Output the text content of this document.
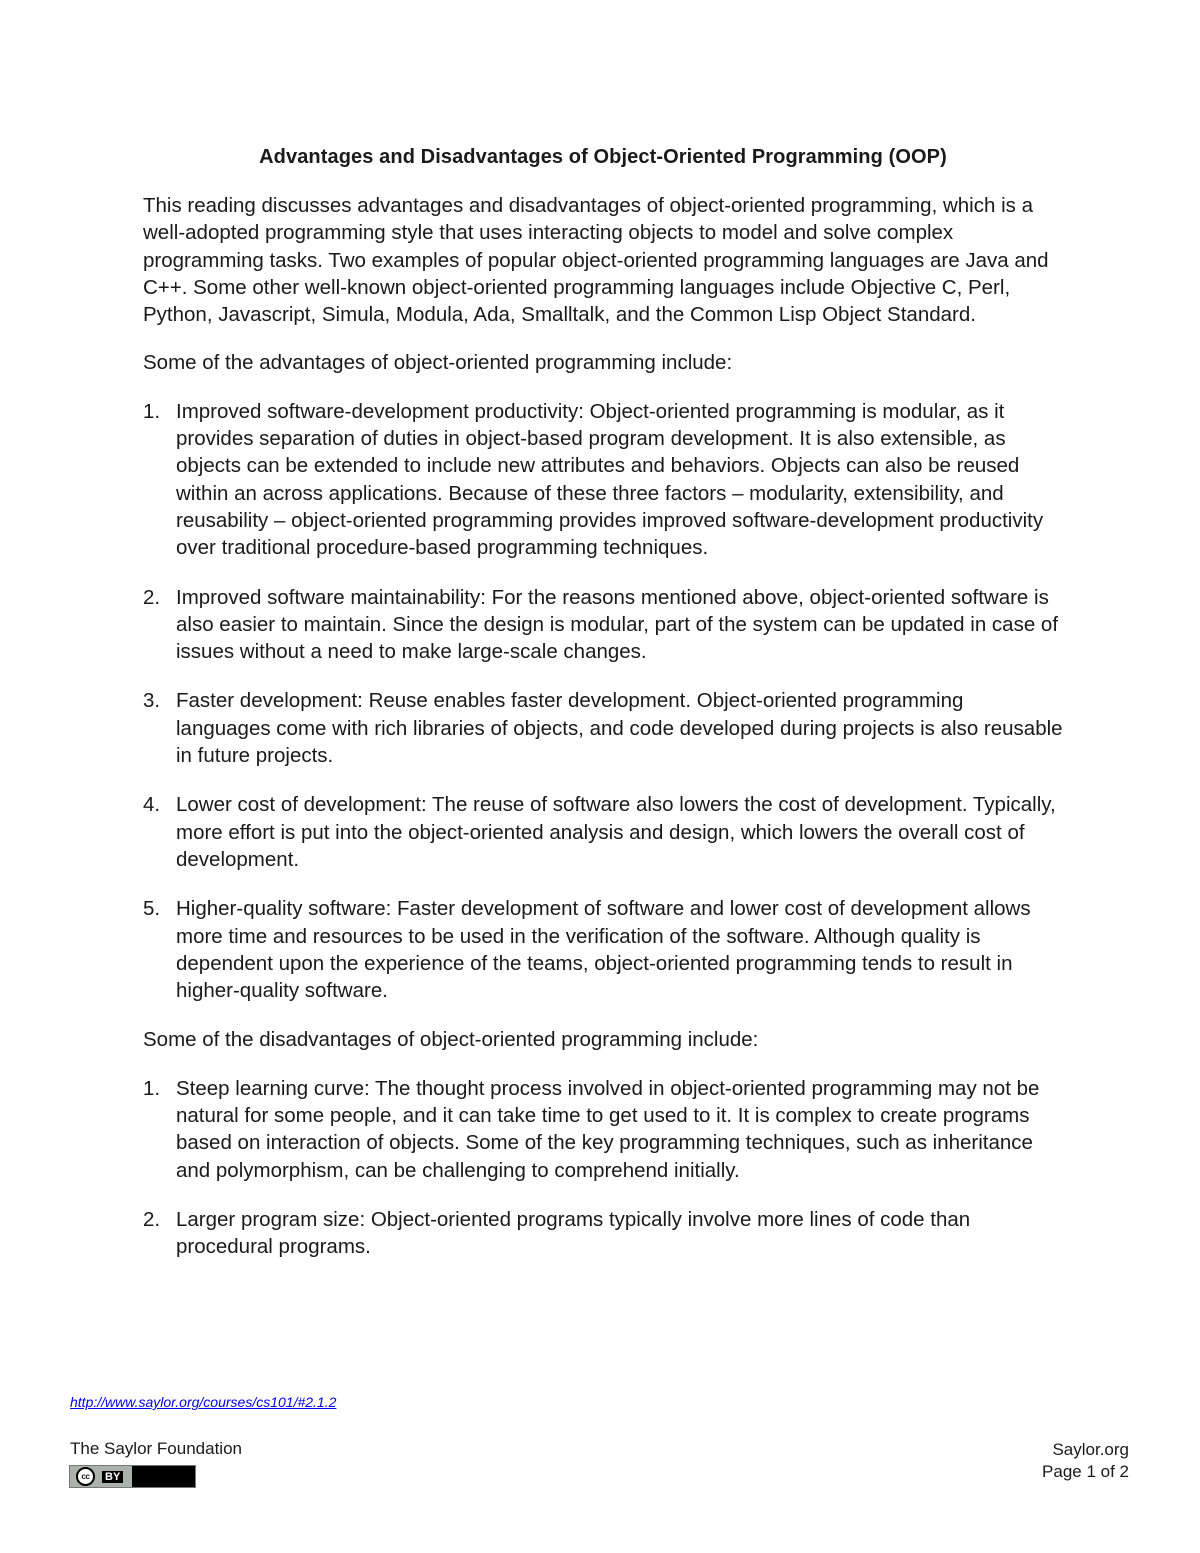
Advantages and Disadvantages of Object-Oriented Programming (OOP)

This reading discusses advantages and disadvantages of object-oriented programming, which is a well-adopted programming style that uses interacting objects to model and solve complex programming tasks. Two examples of popular object-oriented programming languages are Java and C++. Some other well-known object-oriented programming languages include Objective C, Perl, Python, Javascript, Simula, Modula, Ada, Smalltalk, and the Common Lisp Object Standard.

Some of the advantages of object-oriented programming include:

1. Improved software-development productivity: Object-oriented programming is modular, as it provides separation of duties in object-based program development. It is also extensible, as objects can be extended to include new attributes and behaviors. Objects can also be reused within an across applications. Because of these three factors – modularity, extensibility, and reusability – object-oriented programming provides improved software-development productivity over traditional procedure-based programming techniques.
2. Improved software maintainability: For the reasons mentioned above, object-oriented software is also easier to maintain. Since the design is modular, part of the system can be updated in case of issues without a need to make large-scale changes.
3. Faster development: Reuse enables faster development. Object-oriented programming languages come with rich libraries of objects, and code developed during projects is also reusable in future projects.
4. Lower cost of development: The reuse of software also lowers the cost of development. Typically, more effort is put into the object-oriented analysis and design, which lowers the overall cost of development.
5. Higher-quality software: Faster development of software and lower cost of development allows more time and resources to be used in the verification of the software. Although quality is dependent upon the experience of the teams, object-oriented programming tends to result in higher-quality software.

Some of the disadvantages of object-oriented programming include:

1. Steep learning curve: The thought process involved in object-oriented programming may not be natural for some people, and it can take time to get used to it. It is complex to create programs based on interaction of objects. Some of the key programming techniques, such as inheritance and polymorphism, can be challenging to comprehend initially.
2. Larger program size: Object-oriented programs typically involve more lines of code than procedural programs.
http://www.saylor.org/courses/cs101/#2.1.2
The Saylor Foundation
cc	BY
Saylor.org
Page 1 of 2
